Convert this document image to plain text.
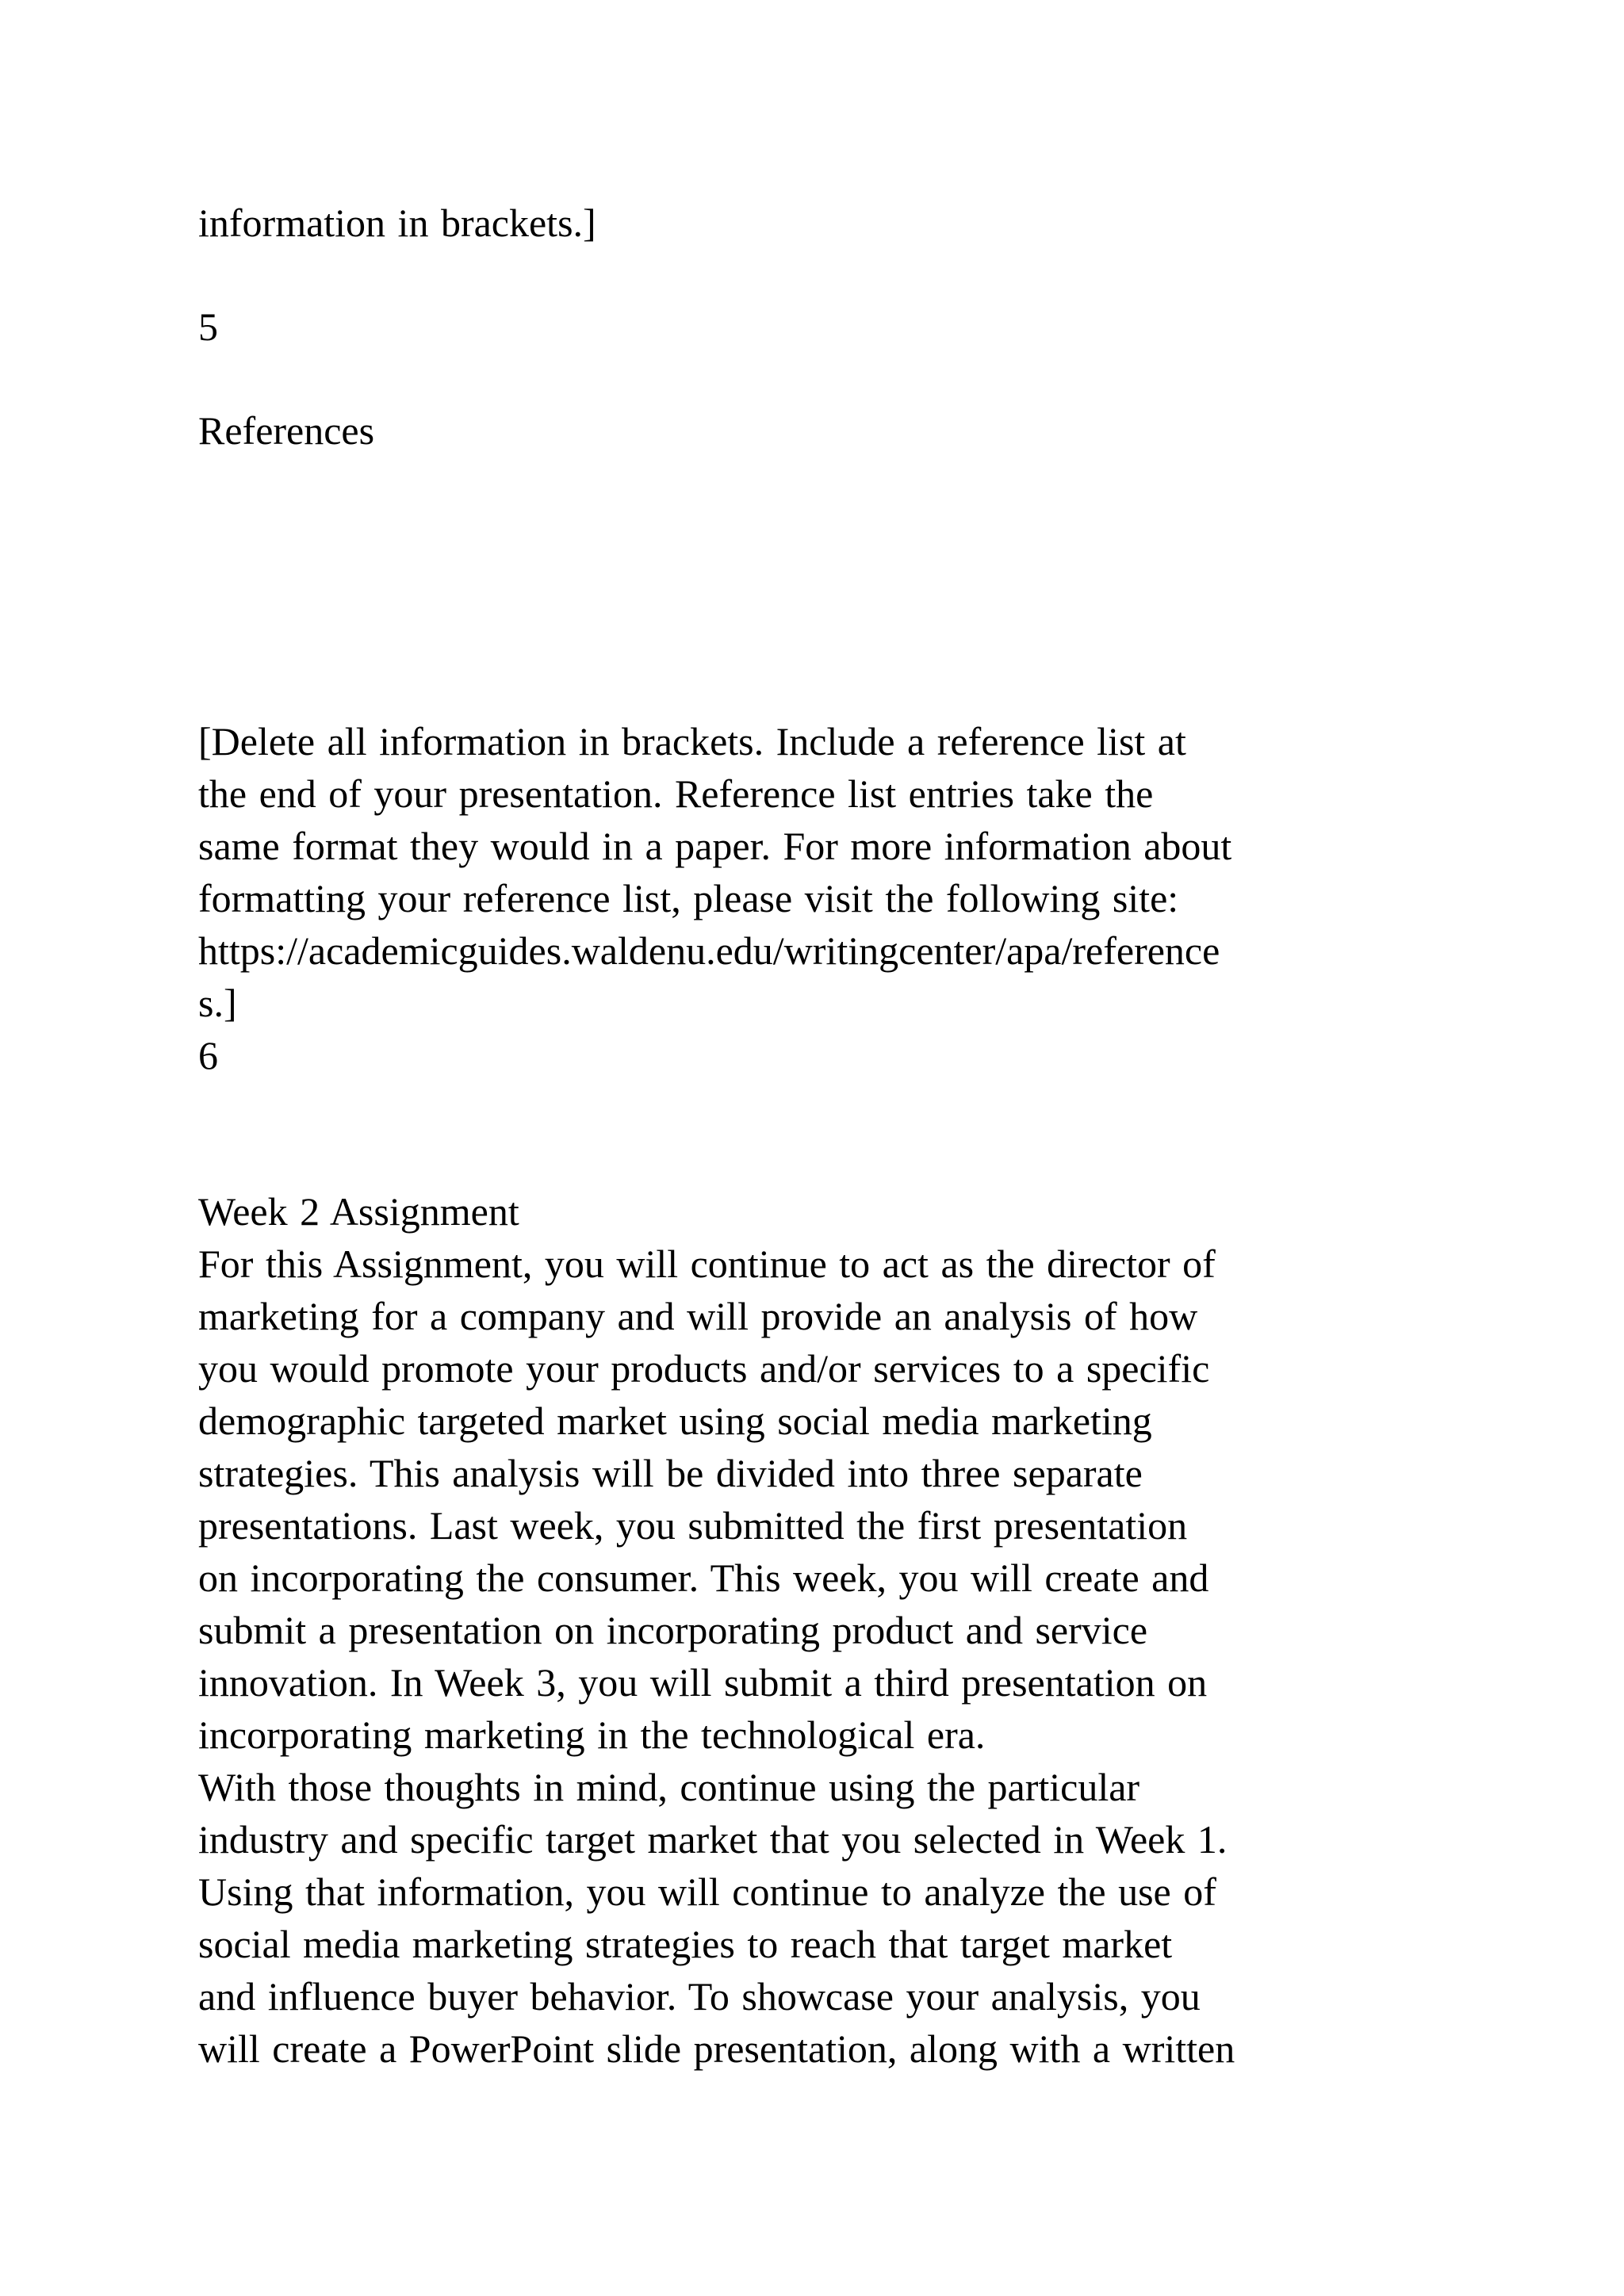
information in brackets.]
5
References
[Delete all information in brackets. Include a reference list at
the end of your presentation. Reference list entries take the
same format they would in a paper. For more information about
formatting your reference list, please visit the following site:
https://academicguides.waldenu.edu/writingcenter/apa/reference
s.]
6
Week 2 Assignment
For this Assignment, you will continue to act as the director of
marketing for a company and will provide an analysis of how
you would promote your products and/or services to a specific
demographic targeted market using social media marketing
strategies. This analysis will be divided into three separate
presentations. Last week, you submitted the first presentation
on incorporating the consumer. This week, you will create and
submit a presentation on incorporating product and service
innovation. In Week 3, you will submit a third presentation on
incorporating marketing in the technological era.
With those thoughts in mind, continue using the particular
industry and specific target market that you selected in Week 1.
Using that information, you will continue to analyze the use of
social media marketing strategies to reach that target market
and influence buyer behavior. To showcase your analysis, you
will create a PowerPoint slide presentation, along with a written
